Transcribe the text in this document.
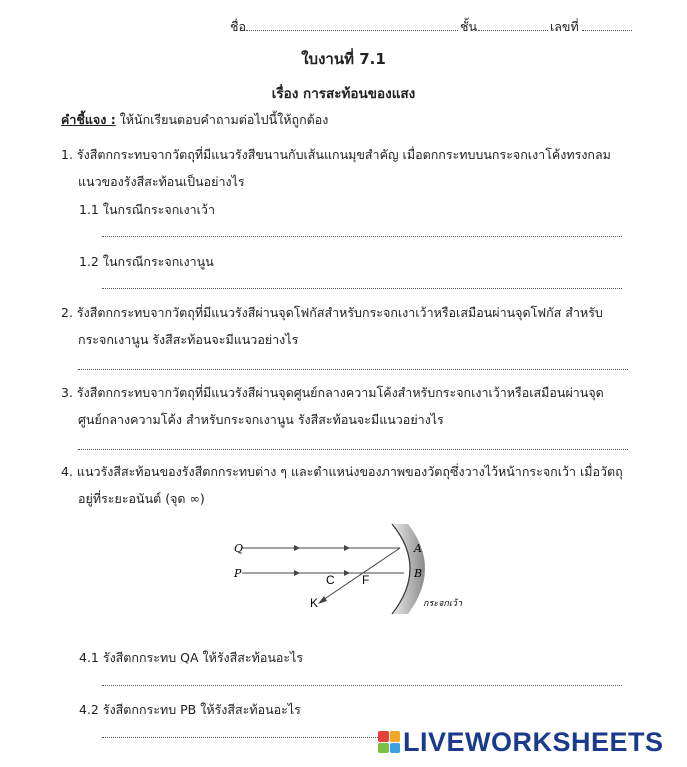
ชื่อ	ชั้น	เลขที่
ใบงานที่ 7.1
เรื่อง การสะท้อนของแสง
คำชี้แจง : ให้นักเรียนตอบคำถามต่อไปนี้ให้ถูกต้อง
1. รังสีตกกระทบจากวัตถุที่มีแนวรังสีขนานกับเส้นแกนมุขสำคัญ เมื่อตกกระทบบนกระจกเงาโค้งทรงกลม
แนวของรังสีสะท้อนเป็นอย่างไร
1.1 ในกรณีกระจกเงาเว้า
1.2 ในกรณีกระจกเงานูน
2. รังสีตกกระทบจากวัตถุที่มีแนวรังสีผ่านจุดโฟกัสสำหรับกระจกเงาเว้าหรือเสมือนผ่านจุดโฟกัส สำหรับ
กระจกเงานูน รังสีสะท้อนจะมีแนวอย่างไร
3. รังสีตกกระทบจากวัตถุที่มีแนวรังสีผ่านจุดศูนย์กลางความโค้งสำหรับกระจกเงาเว้าหรือเสมือนผ่านจุด
ศูนย์กลางความโค้ง สำหรับกระจกเงานูน รังสีสะท้อนจะมีแนวอย่างไร
4. แนวรังสีสะท้อนของรังสีตกกระทบต่าง ๆ และตำแหน่งของภาพของวัตถุซึ่งวางไว้หน้ากระจกเว้า เมื่อวัตถุ
อยู่ที่ระยะอนันต์ (จุด ∞)
Q
P
A
B
C F
K	กระจกเว้า
4.1 รังสีตกกระทบ QA ให้รังสีสะท้อนอะไร
4.2 รังสีตกกระทบ PB ให้รังสีสะท้อนอะไร
LIVEWORKSHEETS
